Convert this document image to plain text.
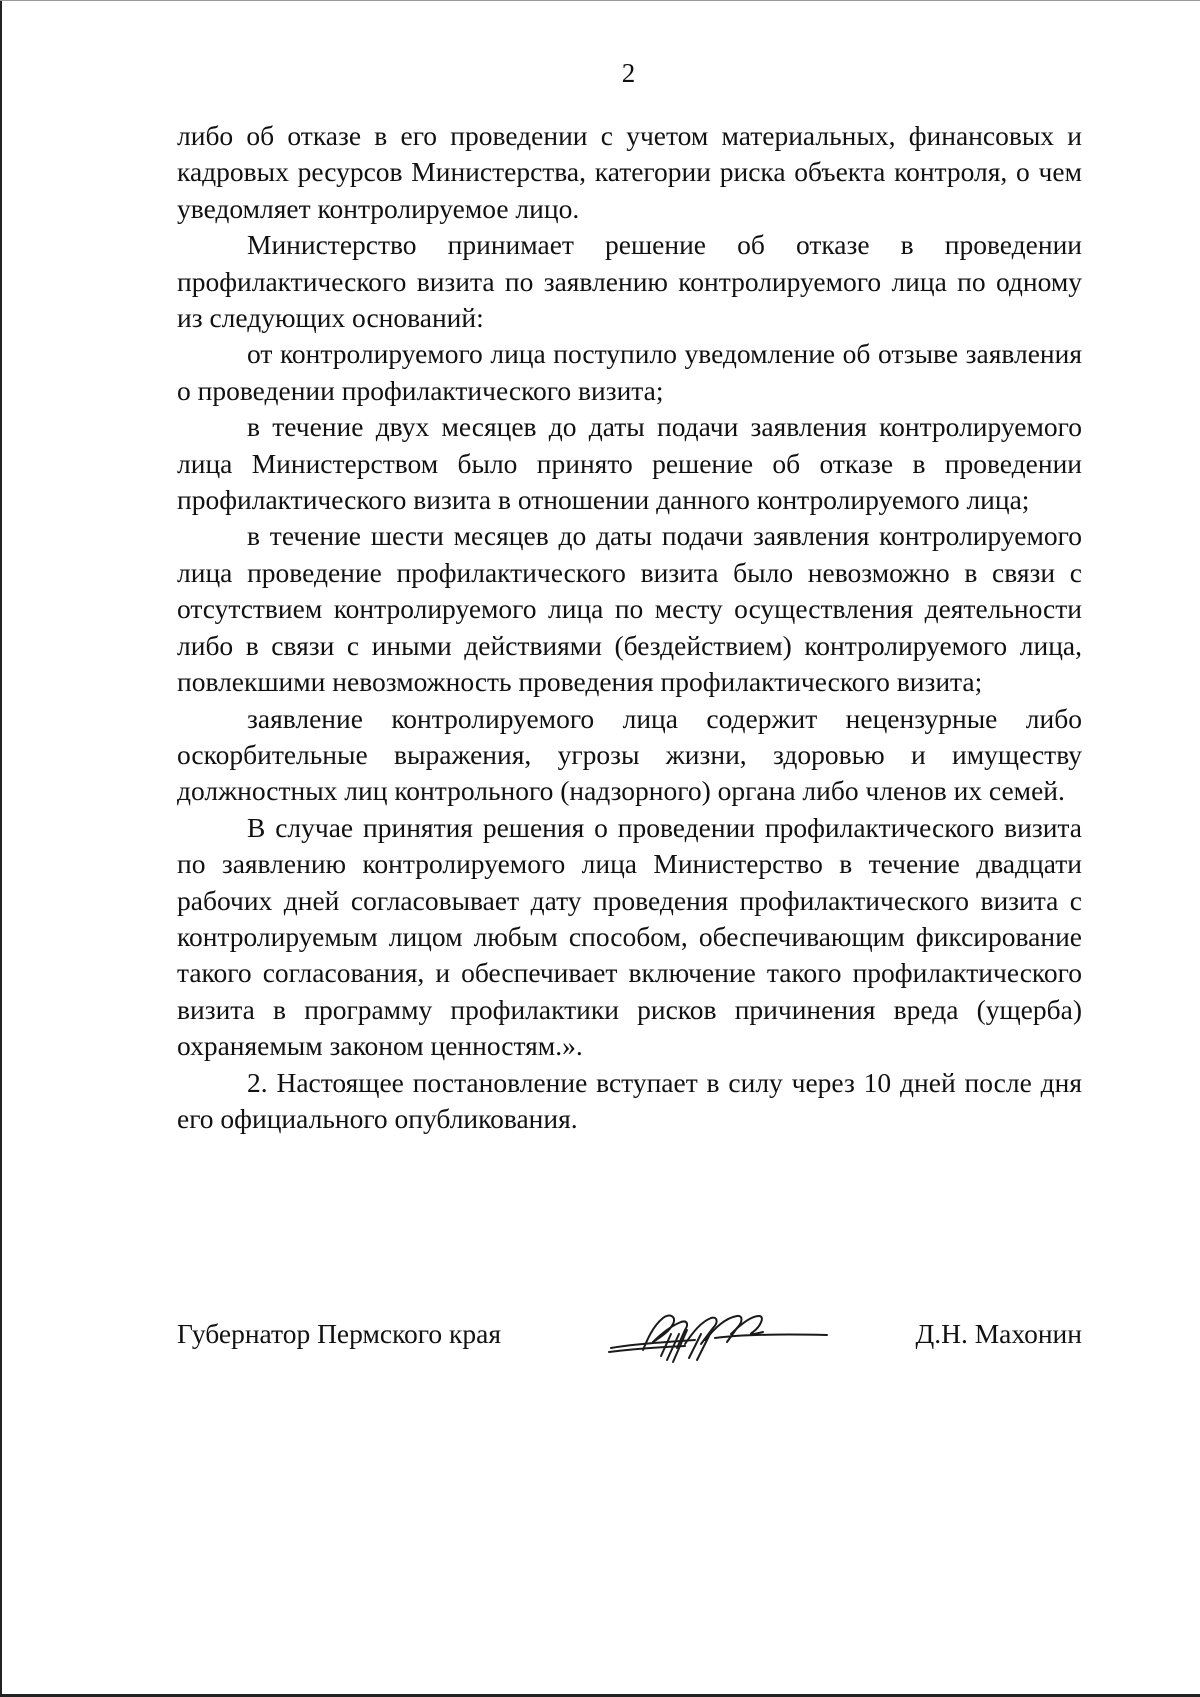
2

либо об отказе в его проведении с учетом материальных, финансовых и кадровых ресурсов Министерства, категории риска объекта контроля, о чем уведомляет контролируемое лицо.

Министерство принимает решение об отказе в проведении профилактического визита по заявлению контролируемого лица по одному из следующих оснований:

от контролируемого лица поступило уведомление об отзыве заявления о проведении профилактического визита;

в течение двух месяцев до даты подачи заявления контролируемого лица Министерством было принято решение об отказе в проведении профилактического визита в отношении данного контролируемого лица;

в течение шести месяцев до даты подачи заявления контролируемого лица проведение профилактического визита было невозможно в связи с отсутствием контролируемого лица по месту осуществления деятельности либо в связи с иными действиями (бездействием) контролируемого лица, повлекшими невозможность проведения профилактического визита;

заявление контролируемого лица содержит нецензурные либо оскорбительные выражения, угрозы жизни, здоровью и имуществу должностных лиц контрольного (надзорного) органа либо членов их семей.

В случае принятия решения о проведении профилактического визита по заявлению контролируемого лица Министерство в течение двадцати рабочих дней согласовывает дату проведения профилактического визита с контролируемым лицом любым способом, обеспечивающим фиксирование такого согласования, и обеспечивает включение такого профилактического визита в программу профилактики рисков причинения вреда (ущерба) охраняемым законом ценностям.».

2. Настоящее постановление вступает в силу через 10 дней после дня его официального опубликования.

Губернатор Пермского края	Д.Н. Махонин
